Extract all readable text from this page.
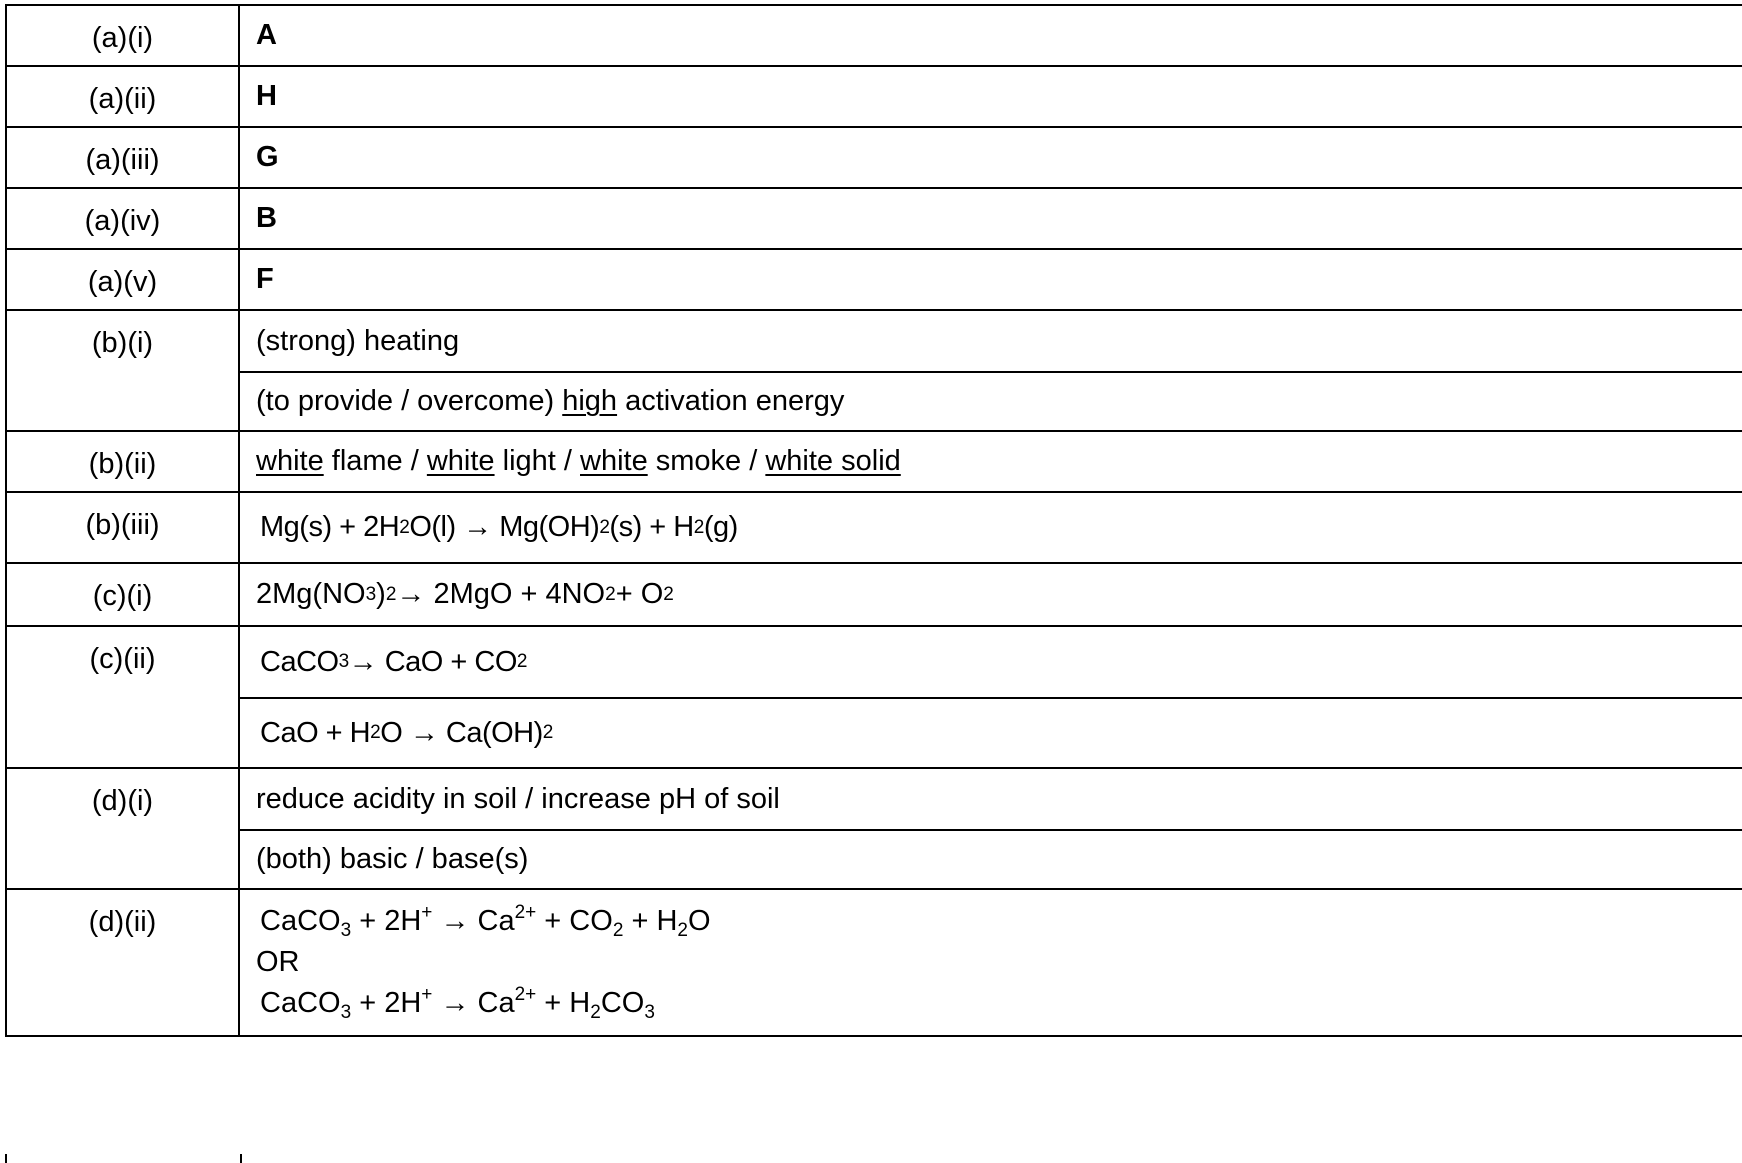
(a)(i)	A
(a)(ii)	H
(a)(iii)	G
(a)(iv)	B
(a)(v)	F
(b)(i)	(strong) heating
(to provide / overcome) high activation energy
(b)(ii)	white flame / white light / white smoke / white solid
(b)(iii)	Mg(s) + 2H 2 O(l) → Mg(OH) 2 (s) + H 2 (g)
(c)(i)	2Mg(NO 3 ) 2 → 2MgO + 4NO 2 + O 2
(c)(ii)	CaCO 3 → CaO + CO 2
CaO + H 2 O → Ca(OH) 2
(d)(i)	reduce acidity in soil / increase pH of soil
(both) basic / base(s)
(d)(ii)	CaCO$_3$ + $2H^+ \to Ca^{2+} + CO_2 + H_2O$
OR
CaCO$_3$ + $2H^+ \to Ca^{2+} + H_2CO_3$
